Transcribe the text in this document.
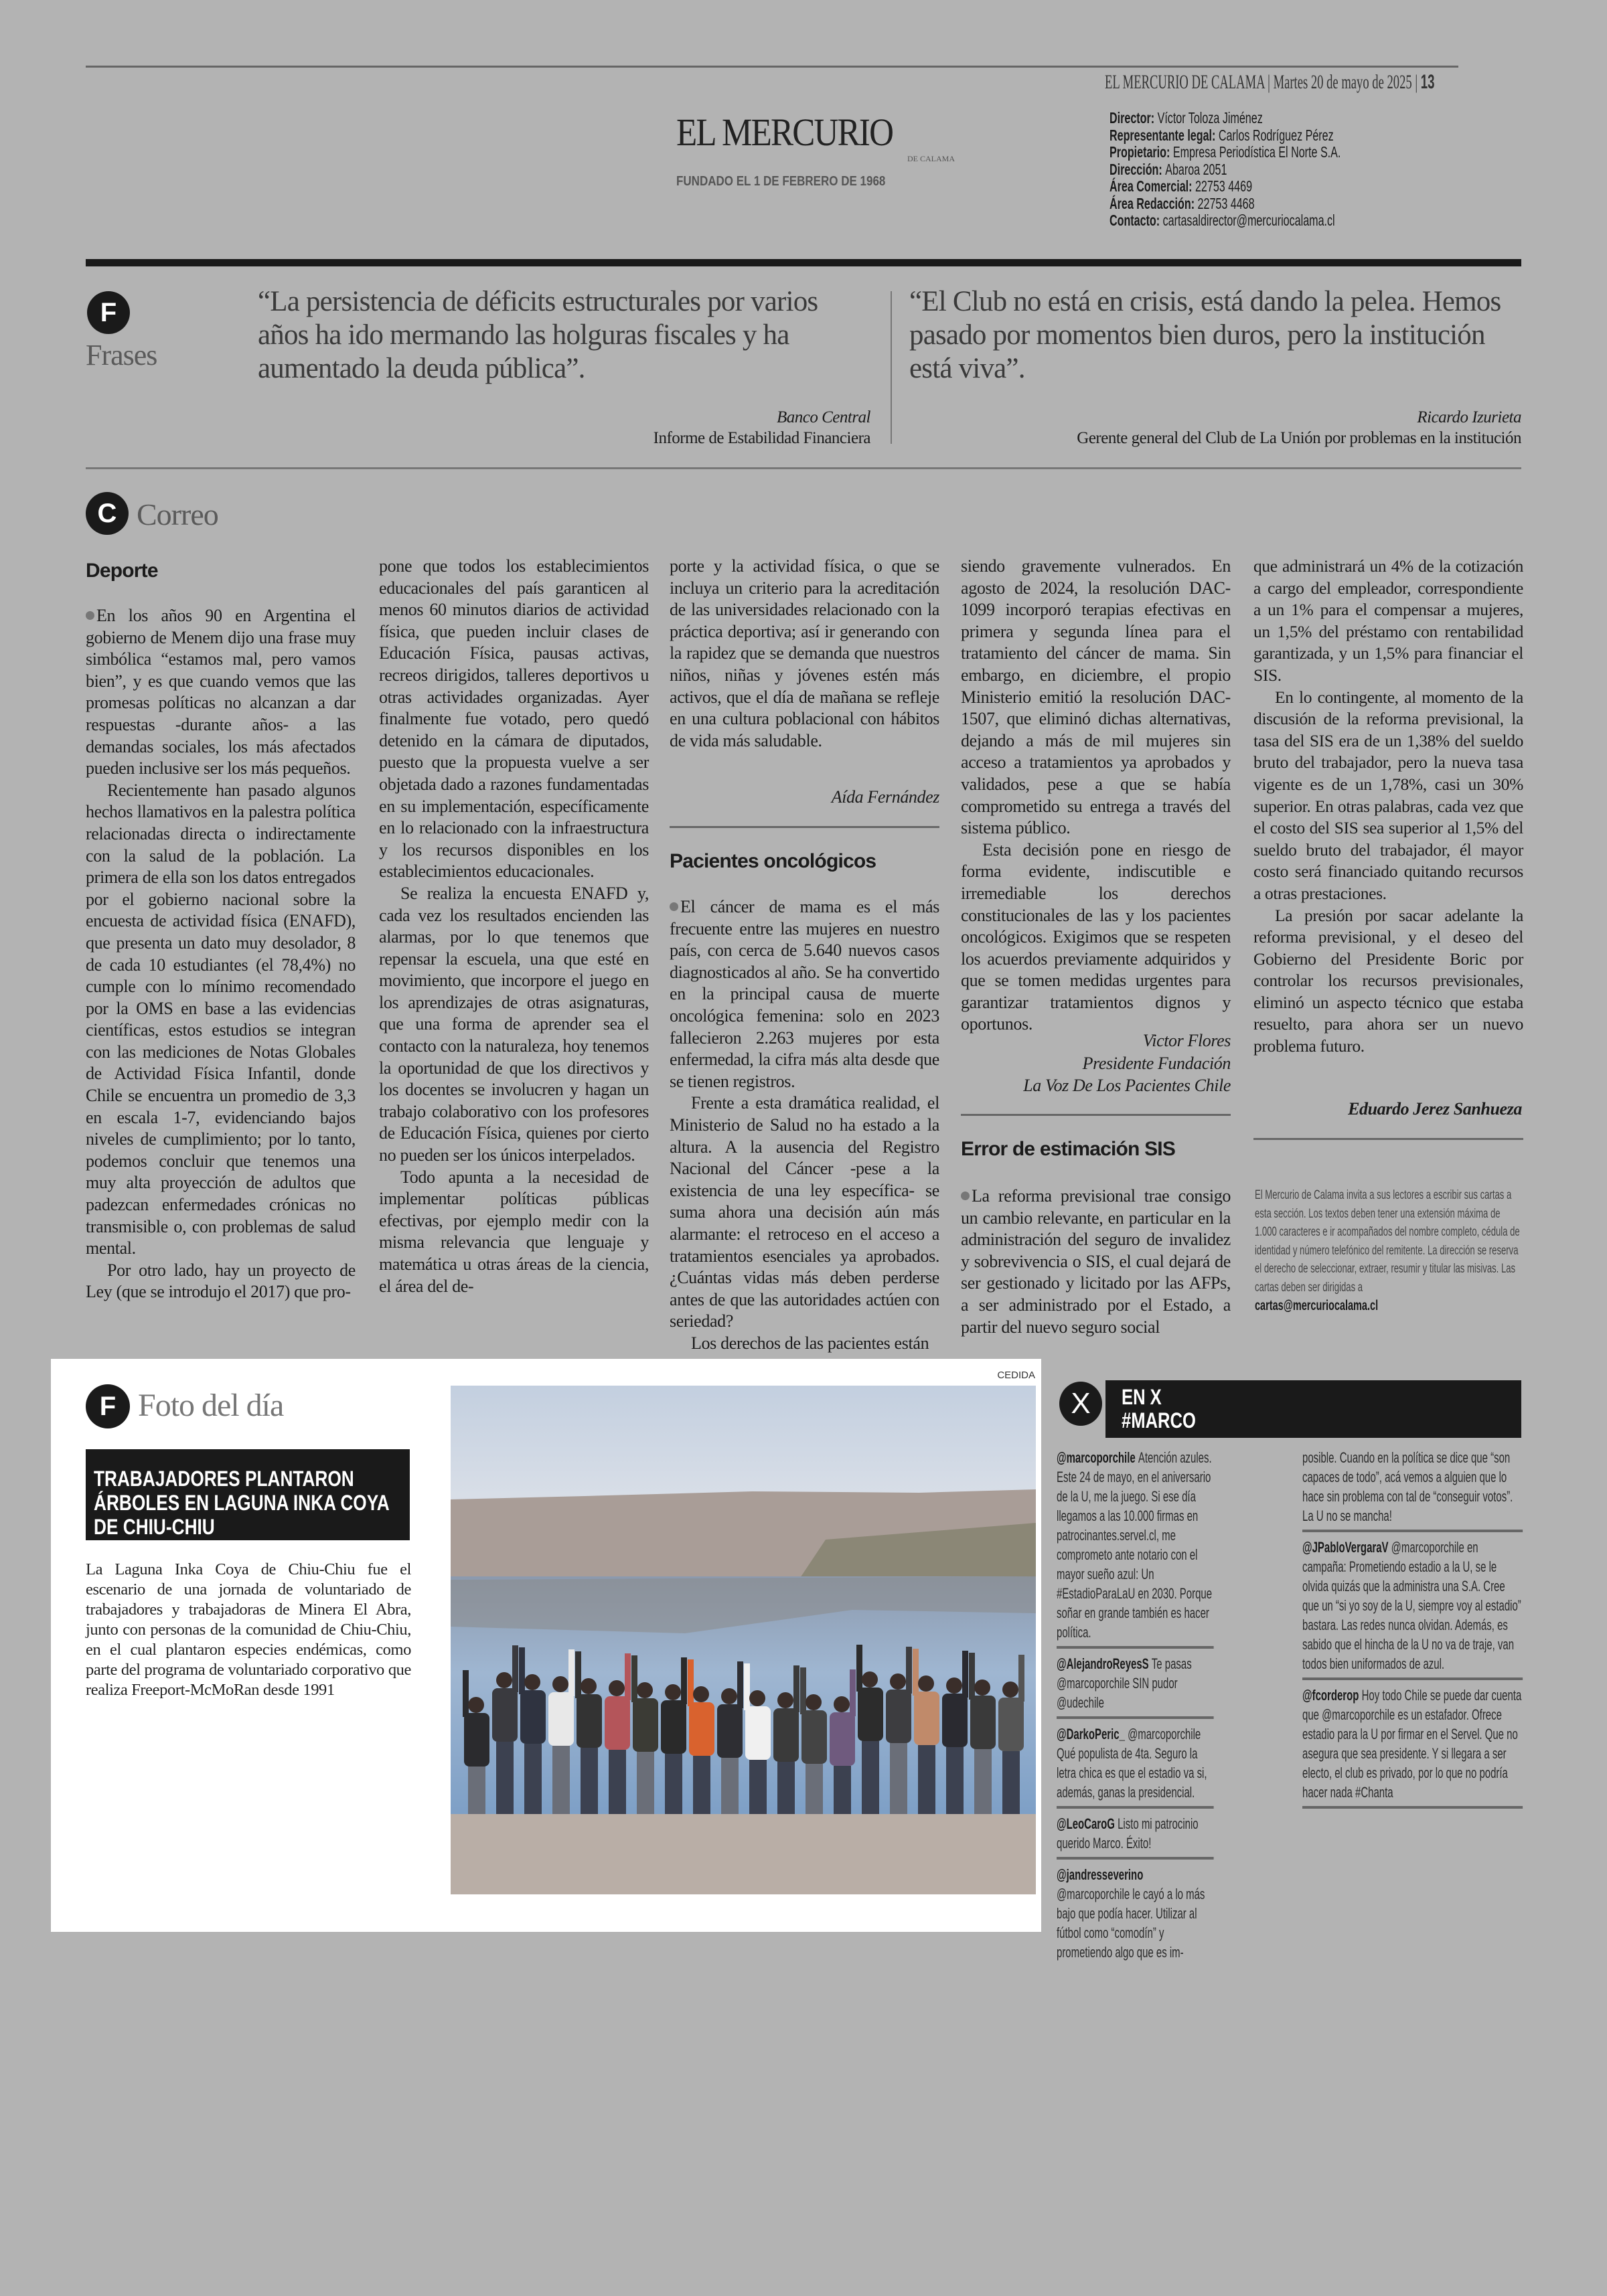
EL MERCURIO DE CALAMA | Martes 20 de mayo de 2025 | 13
EL MERCURIO
DE CALAMA
FUNDADO EL 1 DE FEBRERO DE 1968
Director: Víctor Toloza Jiménez
Representante legal: Carlos Rodríguez Pérez
Propietario: Empresa Periodística El Norte S.A.
Dirección: Abaroa 2051
Área Comercial: 22753 4469
Área Redacción: 22753 4468
Contacto: cartasaldirector@mercuriocalama.cl
F
Frases
“La persistencia de déficits estructurales por varios años ha ido mermando las holguras fiscales y ha aumentado la deuda pública”.
Banco Central
Informe de Estabilidad Financiera
“El Club no está en crisis, está dando la pelea. Hemos pasado por momentos bien duros, pero la institución está viva”.
Ricardo Izurieta
Gerente general del Club de La Unión por problemas en la institución
C Correo
Deporte

En los años 90 en Argentina el gobierno de Menem dijo una frase muy simbólica “estamos mal, pero vamos bien”, y es que cuando vemos que las promesas políticas no alcanzan a dar respuestas -durante años- a las demandas sociales, los más afectados pueden inclusive ser los más pequeños.

Recientemente han pasado algunos hechos llamativos en la palestra política relacionadas directa o indirectamente con la salud de la población. La primera de ella son los datos entregados por el gobierno nacional sobre la encuesta de actividad física (ENAFD), que presenta un dato muy desolador, 8 de cada 10 estudiantes (el 78,4%) no cumple con lo mínimo recomendado por la OMS en base a las evidencias científicas, estos estudios se integran con las mediciones de Notas Globales de Actividad Física Infantil, donde Chile se encuentra un promedio de 3,3 en escala 1-7, evidenciando bajos niveles de cumplimiento; por lo tanto, podemos concluir que tenemos una muy alta proyección de adultos que padezcan enfermedades crónicas no transmisible o, con problemas de salud mental.

Por otro lado, hay un proyecto de Ley (que se introdujo el 2017) que pro-

pone que todos los establecimientos educacionales del país garanticen al menos 60 minutos diarios de actividad física, que pueden incluir clases de Educación Física, pausas activas, recreos dirigidos, talleres deportivos u otras actividades organizadas. Ayer finalmente fue votado, pero quedó detenido en la cámara de diputados, puesto que la propuesta vuelve a ser objetada dado a razones fundamentadas en su implementación, específicamente en lo relacionado con la infraestructura y los recursos disponibles en los establecimientos educacionales.

Se realiza la encuesta ENAFD y, cada vez los resultados encienden las alarmas, por lo que tenemos que repensar la escuela, una que esté en movimiento, que incorpore el juego en los aprendizajes de otras asignaturas, que una forma de aprender sea el contacto con la naturaleza, hoy tenemos la oportunidad de que los directivos y los docentes se involucren y hagan un trabajo colaborativo con los profesores de Educación Física, quienes por cierto no pueden ser los únicos interpelados.

Todo apunta a la necesidad de implementar políticas públicas efectivas, por ejemplo medir con la misma relevancia que lenguaje y matemática u otras áreas de la ciencia, el área del de-

porte y la actividad física, o que se incluya un criterio para la acreditación de las universidades relacionado con la práctica deportiva; así ir generando con la rapidez que se demanda que nuestros niños, niñas y jóvenes estén más activos, que el día de mañana se refleje en una cultura poblacional con hábitos de vida más saludable.

Aída Fernández
Pacientes oncológicos

El cáncer de mama es el más frecuente entre las mujeres en nuestro país, con cerca de 5.640 nuevos casos diagnosticados al año. Se ha convertido en la principal causa de muerte oncológica femenina: solo en 2023 fallecieron 2.263 mujeres por esta enfermedad, la cifra más alta desde que se tienen registros.

Frente a esta dramática realidad, el Ministerio de Salud no ha estado a la altura. A la ausencia del Registro Nacional del Cáncer -pese a la existencia de una ley específica- se suma ahora una decisión aún más alarmante: el retroceso en el acceso a tratamientos esenciales ya aprobados. ¿Cuántas vidas más deben perderse antes de que las autoridades actúen con seriedad?

Los derechos de las pacientes están

siendo gravemente vulnerados. En agosto de 2024, la resolución DAC-1099 incorporó terapias efectivas en primera y segunda línea para el tratamiento del cáncer de mama. Sin embargo, en diciembre, el propio Ministerio emitió la resolución DAC-1507, que eliminó dichas alternativas, dejando a más de mil mujeres sin acceso a tratamientos ya aprobados y validados, pese a que se había comprometido su entrega a través del sistema público.

Esta decisión pone en riesgo de forma evidente, indiscutible e irremediable los derechos constitucionales de las y los pacientes oncológicos. Exigimos que se respeten los acuerdos previamente adquiridos y que se tomen medidas urgentes para garantizar tratamientos dignos y oportunos.

Victor Flores
Presidente Fundación
La Voz De Los Pacientes Chile
Error de estimación SIS

La reforma previsional trae consigo un cambio relevante, en particular en la administración del seguro de invalidez y sobrevivencia o SIS, el cual dejará de ser gestionado y licitado por las AFPs, a ser administrado por el Estado, a partir del nuevo seguro social

que administrará un 4% de la cotización a cargo del empleador, correspondiente a un 1% para el compensar a mujeres, un 1,5% del préstamo con rentabilidad garantizada, y un 1,5% para financiar el SIS.

En lo contingente, al momento de la discusión de la reforma previsional, la tasa del SIS era de un 1,38% del sueldo bruto del trabajador, pero la nueva tasa vigente es de un 1,78%, casi un 30% superior. En otras palabras, cada vez que el costo del SIS sea superior al 1,5% del sueldo bruto del trabajador, él mayor costo será financiado quitando recursos a otras prestaciones.

La presión por sacar adelante la reforma previsional, y el deseo del Gobierno del Presidente Boric por controlar los recursos previsionales, eliminó un aspecto técnico que estaba resuelto, para ahora ser un nuevo problema futuro.

Eduardo Jerez Sanhueza
El Mercurio de Calama invita a sus lectores a escribir sus cartas a esta sección. Los textos deben tener una extensión máxima de 1.000 caracteres e ir acompañados del nombre completo, cédula de identidad y número telefónico del remitente. La dirección se reserva el derecho de seleccionar, extraer, resumir y titular las misivas. Las cartas deben ser dirigidas a
cartas@mercuriocalama.cl
F Foto del día
TRABAJADORES PLANTARON ÁRBOLES EN LAGUNA INKA COYA DE CHIU-CHIU
La Laguna Inka Coya de Chiu-Chiu fue el escenario de una jornada de voluntariado de trabajadores y trabajadoras de Minera El Abra, junto con personas de la comunidad de Chiu-Chiu, en el cual plantaron especies endémicas, como parte del programa de voluntariado corporativo que realiza Freeport-McMoRan desde 1991
CEDIDA
X	EN X
#MARCO
@marcoporchile Atención azules. Este 24 de mayo, en el aniversario de la U, me la juego. Si ese día llegamos a las 10.000 firmas en patrocinantes.servel.cl, me comprometo ante notario con el mayor sueño azul: Un #EstadioParaLaU en 2030. Porque soñar en grande también es hacer política.
@AlejandroReyesS Te pasas @marcoporchile SIN pudor @udechile
@DarkoPeric_ @marcoporchile Qué populista de 4ta. Seguro la letra chica es que el estadio va si, además, ganas la presidencial.
@LeoCaroG Listo mi patrocinio querido Marco. Éxito!
@jandresseverino @marcoporchile le cayó a lo más bajo que podía hacer. Utilizar al fútbol como “comodín” y prometiendo algo que es im-
posible. Cuando en la política se dice que “son capaces de todo”, acá vemos a alguien que lo hace sin problema con tal de “conseguir votos”. La U no se mancha!
@JPabloVergaraV @marcoporchile en campaña: Prometiendo estadio a la U, se le olvida quizás que la administra una S.A. Cree que un “si yo soy de la U, siempre voy al estadio” bastara. Las redes nunca olvidan. Además, es sabido que el hincha de la U no va de traje, van todos bien uniformados de azul.
@fcorderop Hoy todo Chile se puede dar cuenta que @marcoporchile es un estafador. Ofrece estadio para la U por firmar en el Servel. Que no asegura que sea presidente. Y si llegara a ser electo, el club es privado, por lo que no podría hacer nada #Chanta
